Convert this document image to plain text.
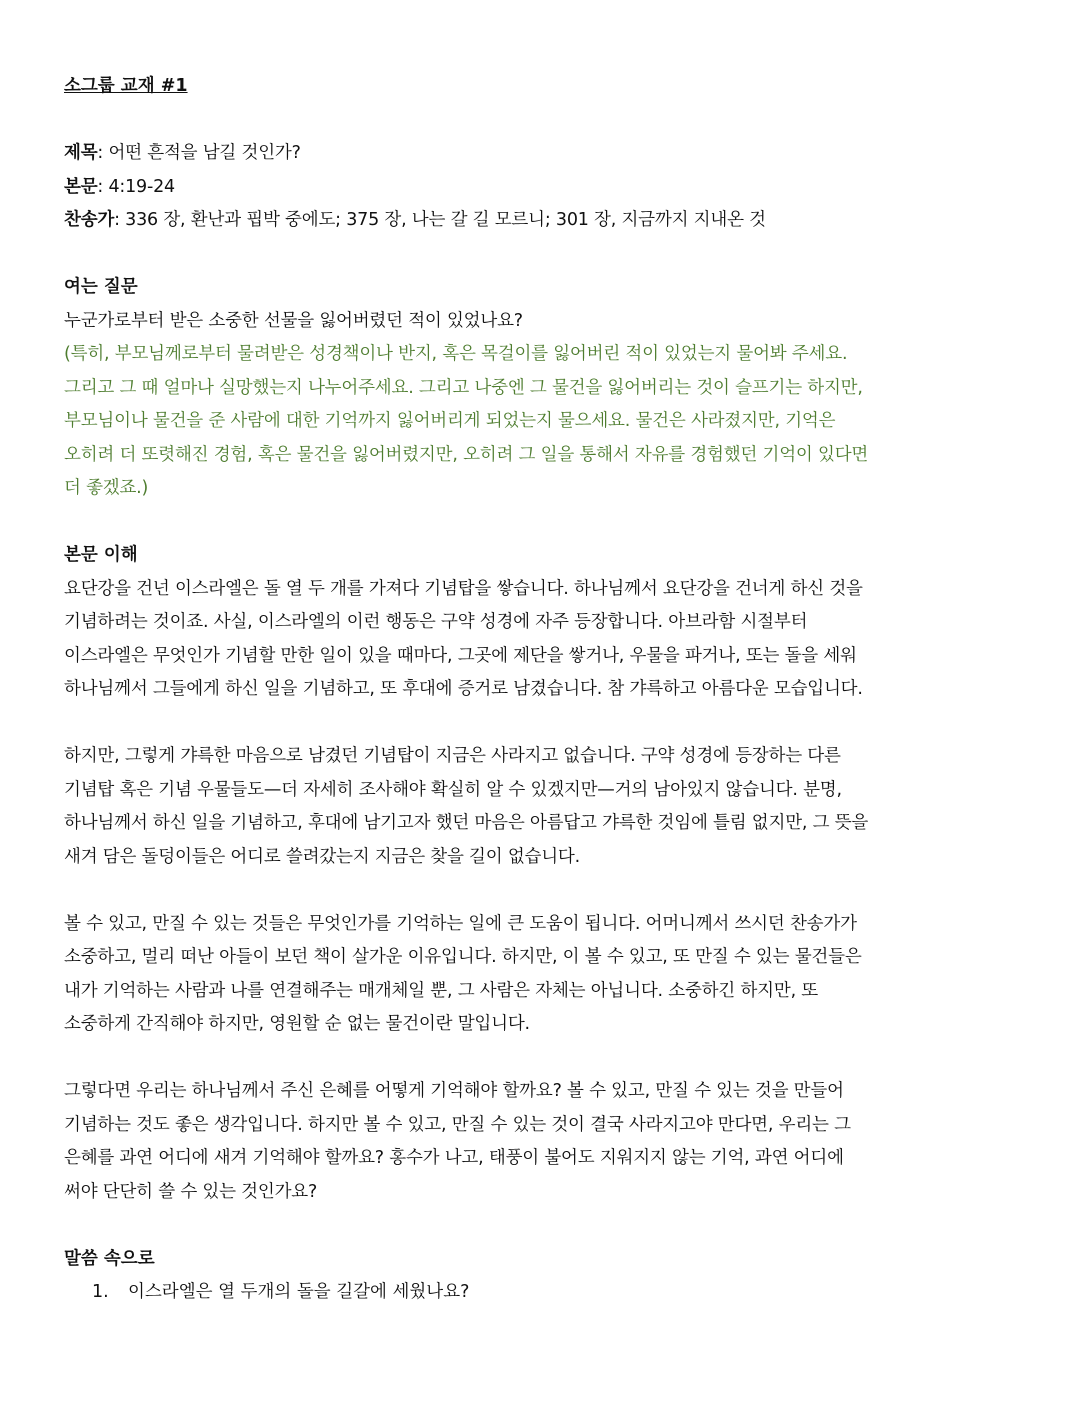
소그룹 교재 #1
제목: 어떤 흔적을 남길 것인가?
본문: 4:19-24
찬송가: 336 장, 환난과 핍박 중에도; 375 장, 나는 갈 길 모르니; 301 장, 지금까지 지내온 것
여는 질문
누군가로부터 받은 소중한 선물을 잃어버렸던 적이 있었나요?
(특히, 부모님께로부터 물려받은 성경책이나 반지, 혹은 목걸이를 잃어버린 적이 있었는지 물어봐 주세요.
그리고 그 때 얼마나 실망했는지 나누어주세요. 그리고 나중엔 그 물건을 잃어버리는 것이 슬프기는 하지만,
부모님이나 물건을 준 사람에 대한 기억까지 잃어버리게 되었는지 물으세요. 물건은 사라졌지만, 기억은
오히려 더 또렷해진 경험, 혹은 물건을 잃어버렸지만, 오히려 그 일을 통해서 자유를 경험했던 기억이 있다면
더 좋겠죠.)
본문 이해
요단강을 건넌 이스라엘은 돌 열 두 개를 가져다 기념탑을 쌓습니다. 하나님께서 요단강을 건너게 하신 것을
기념하려는 것이죠. 사실, 이스라엘의 이런 행동은 구약 성경에 자주 등장합니다. 아브라함 시절부터
이스라엘은 무엇인가 기념할 만한 일이 있을 때마다, 그곳에 제단을 쌓거나, 우물을 파거나, 또는 돌을 세워
하나님께서 그들에게 하신 일을 기념하고, 또 후대에 증거로 남겼습니다. 참 갸륵하고 아름다운 모습입니다.
하지만, 그렇게 갸륵한 마음으로 남겼던 기념탑이 지금은 사라지고 없습니다. 구약 성경에 등장하는 다른
기념탑 혹은 기념 우물들도—더 자세히 조사해야 확실히 알 수 있겠지만—거의 남아있지 않습니다. 분명,
하나님께서 하신 일을 기념하고, 후대에 남기고자 했던 마음은 아름답고 갸륵한 것임에 틀림 없지만, 그 뜻을
새겨 담은 돌덩이들은 어디로 쓸려갔는지 지금은 찾을 길이 없습니다.
볼 수 있고, 만질 수 있는 것들은 무엇인가를 기억하는 일에 큰 도움이 됩니다. 어머니께서 쓰시던 찬송가가
소중하고, 멀리 떠난 아들이 보던 책이 살가운 이유입니다. 하지만, 이 볼 수 있고, 또 만질 수 있는 물건들은
내가 기억하는 사람과 나를 연결해주는 매개체일 뿐, 그 사람은 자체는 아닙니다. 소중하긴 하지만, 또
소중하게 간직해야 하지만, 영원할 순 없는 물건이란 말입니다.
그렇다면 우리는 하나님께서 주신 은혜를 어떻게 기억해야 할까요? 볼 수 있고, 만질 수 있는 것을 만들어
기념하는 것도 좋은 생각입니다. 하지만 볼 수 있고, 만질 수 있는 것이 결국 사라지고야 만다면, 우리는 그
은혜를 과연 어디에 새겨 기억해야 할까요? 홍수가 나고, 태풍이 불어도 지워지지 않는 기억, 과연 어디에
써야 단단히 쓸 수 있는 것인가요?
말씀 속으로
1.	이스라엘은 열 두개의 돌을 길갈에 세웠나요?
